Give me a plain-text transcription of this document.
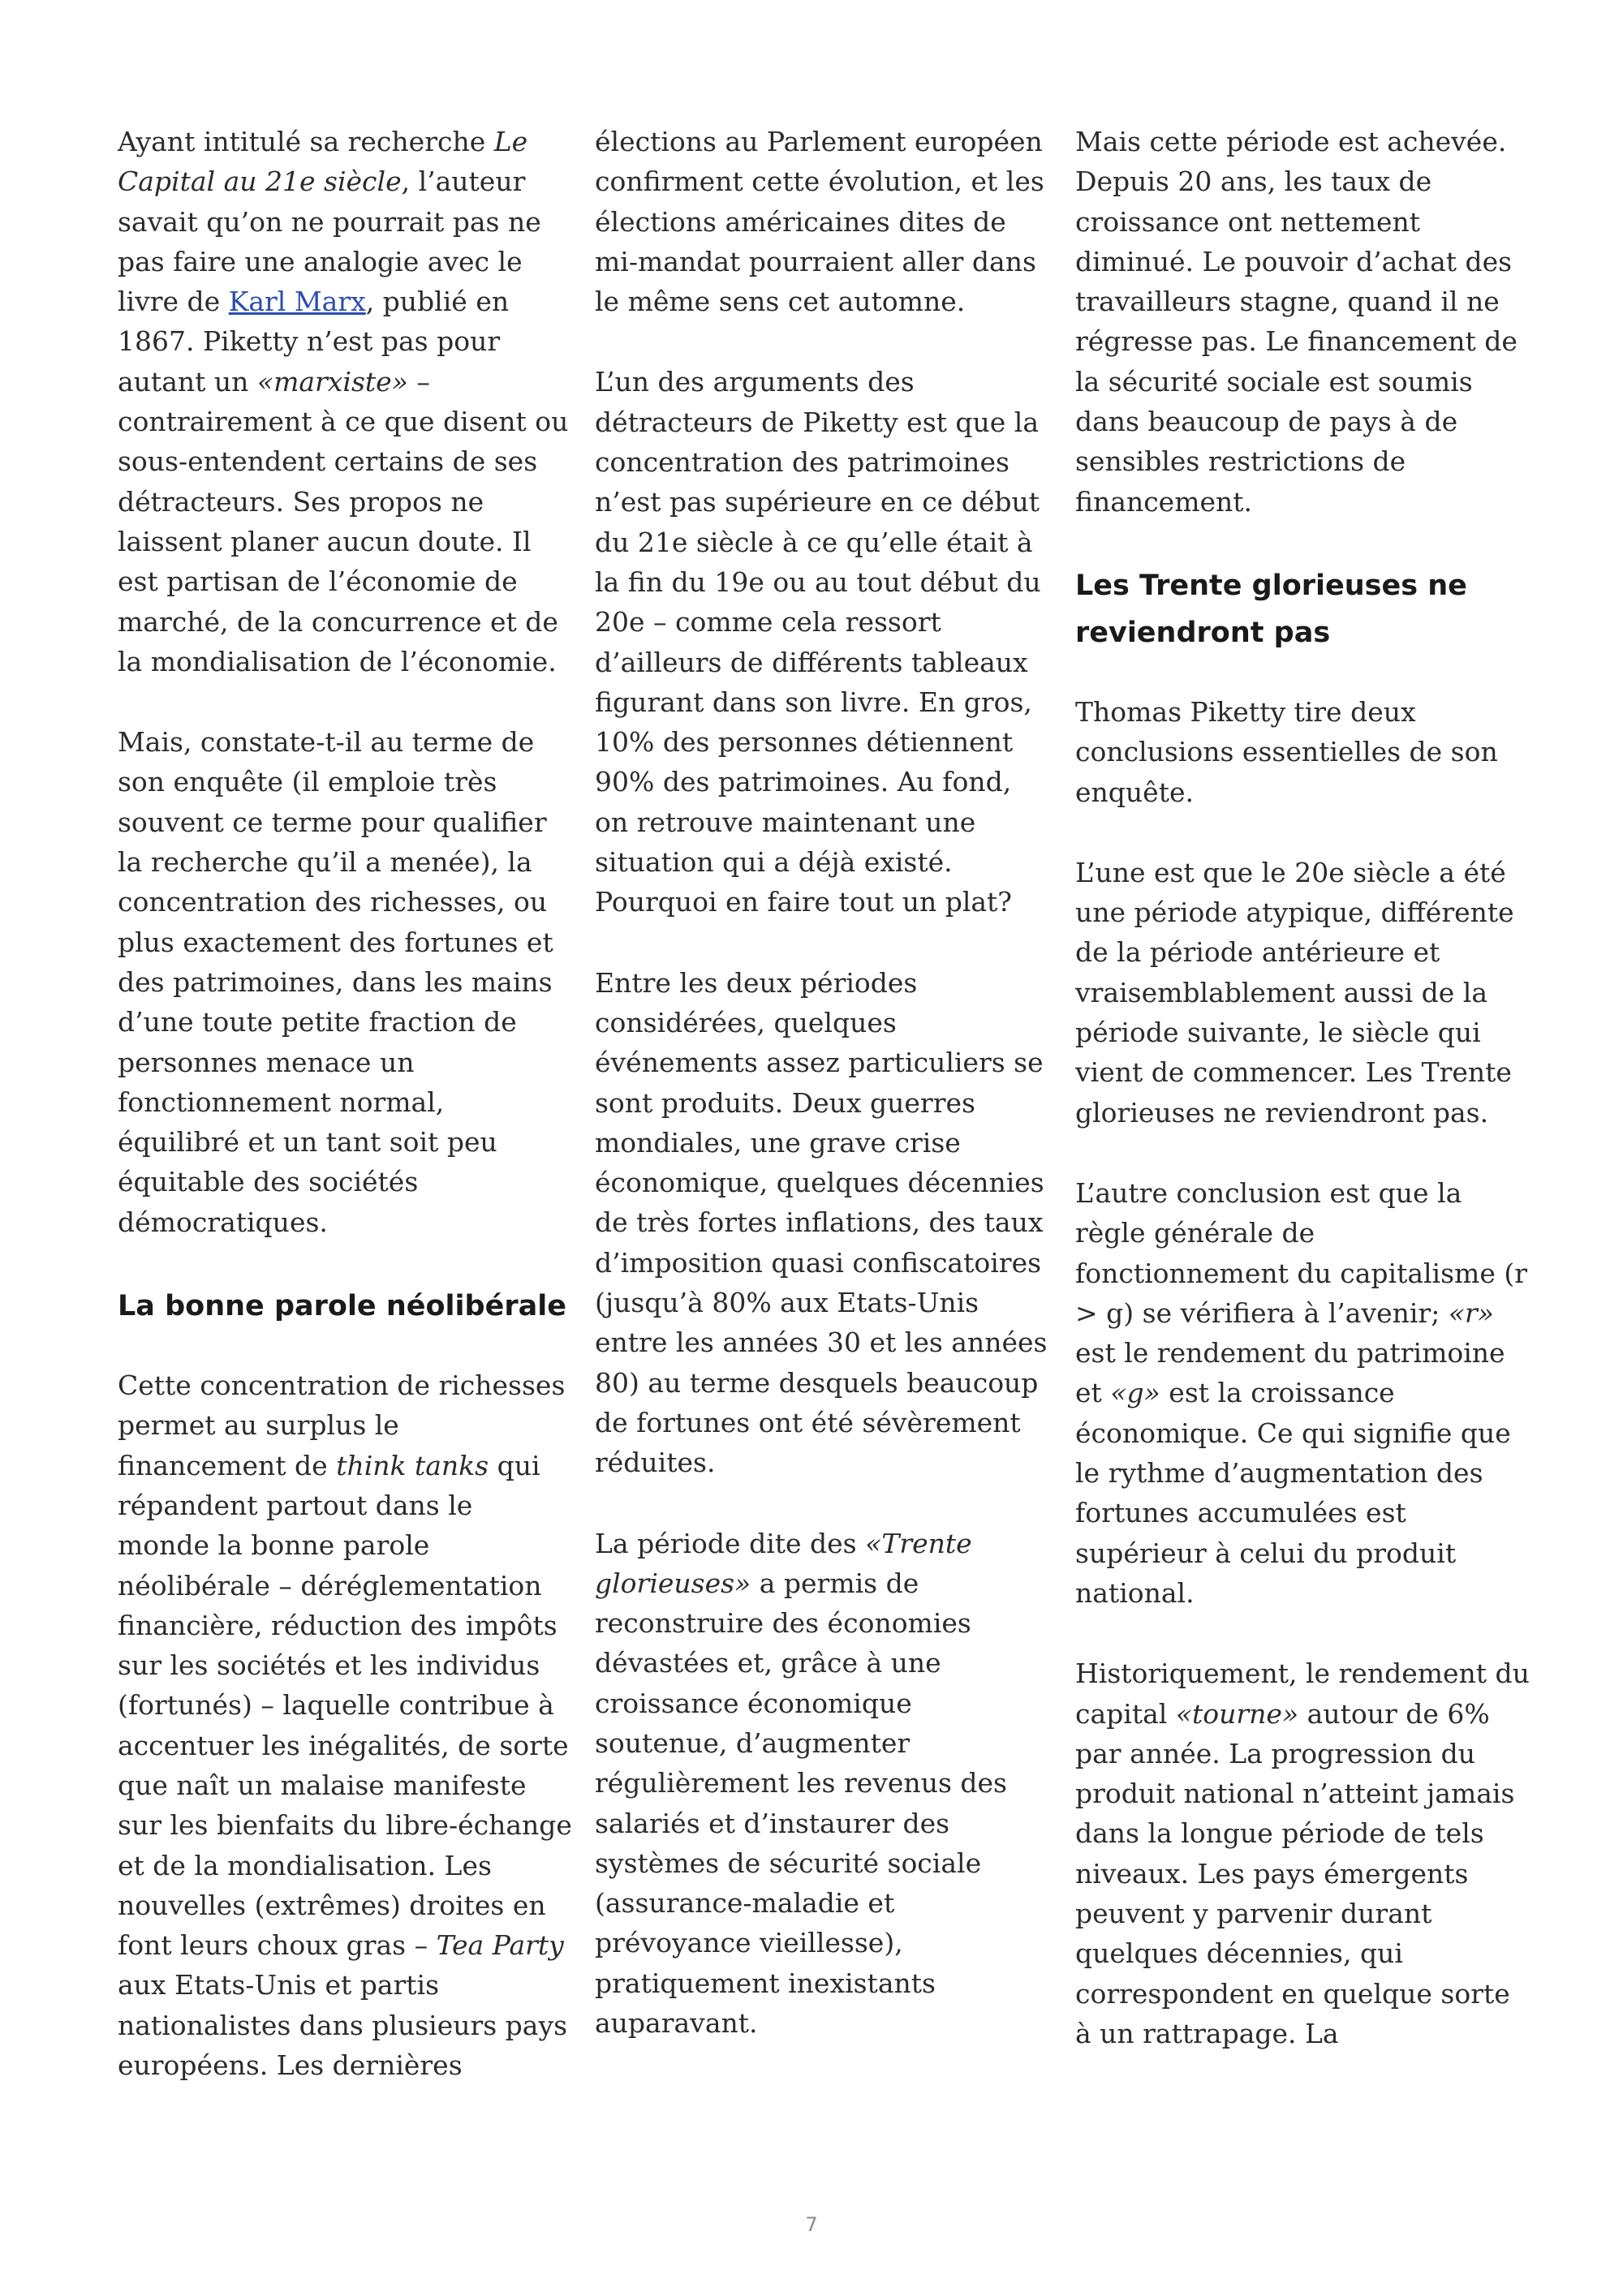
Ayant intitulé sa recherche Le Capital au 21e siècle, l’auteur savait qu’on ne pourrait pas ne pas faire une analogie avec le livre de Karl Marx, publié en 1867. Piketty n’est pas pour autant un «marxiste» – contrairement à ce que disent ou sous-entendent certains de ses détracteurs. Ses propos ne laissent planer aucun doute. Il est partisan de l’économie de marché, de la concurrence et de la mondialisation de l’économie.

Mais, constate-t-il au terme de son enquête (il emploie très souvent ce terme pour qualifier la recherche qu’il a menée), la concentration des richesses, ou plus exactement des fortunes et des patrimoines, dans les mains d’une toute petite fraction de personnes menace un fonctionnement normal, équilibré et un tant soit peu équitable des sociétés démocratiques.

La bonne parole néolibérale

Cette concentration de richesses permet au surplus le financement de think tanks qui répandent partout dans le monde la bonne parole néolibérale – déréglementation financière, réduction des impôts sur les sociétés et les individus (fortunés) – laquelle contribue à accentuer les inégalités, de sorte que naît un malaise manifeste sur les bienfaits du libre-échange et de la mondialisation. Les nouvelles (extrêmes) droites en font leurs choux gras – Tea Party aux Etats-Unis et partis nationalistes dans plusieurs pays européens. Les dernières

élections au Parlement européen confirment cette évolution, et les élections américaines dites de mi-mandat pourraient aller dans le même sens cet automne.

L’un des arguments des détracteurs de Piketty est que la concentration des patrimoines n’est pas supérieure en ce début du 21e siècle à ce qu’elle était à la fin du 19e ou au tout début du 20e – comme cela ressort d’ailleurs de différents tableaux figurant dans son livre. En gros, 10% des personnes détiennent 90% des patrimoines. Au fond, on retrouve maintenant une situation qui a déjà existé. Pourquoi en faire tout un plat?

Entre les deux périodes considérées, quelques événements assez particuliers se sont produits. Deux guerres mondiales, une grave crise économique, quelques décennies de très fortes inflations, des taux d’imposition quasi confiscatoires (jusqu’à 80% aux Etats-Unis entre les années 30 et les années 80) au terme desquels beaucoup de fortunes ont été sévèrement réduites.

La période dite des «Trente glorieuses» a permis de reconstruire des économies dévastées et, grâce à une croissance économique soutenue, d’augmenter régulièrement les revenus des salariés et d’instaurer des systèmes de sécurité sociale (assurance-maladie et prévoyance vieillesse), pratiquement inexistants auparavant.

Mais cette période est achevée. Depuis 20 ans, les taux de croissance ont nettement diminué. Le pouvoir d’achat des travailleurs stagne, quand il ne régresse pas. Le financement de la sécurité sociale est soumis dans beaucoup de pays à de sensibles restrictions de financement.

Les Trente glorieuses ne reviendront pas

Thomas Piketty tire deux conclusions essentielles de son enquête.

L’une est que le 20e siècle a été une période atypique, différente de la période antérieure et vraisemblablement aussi de la période suivante, le siècle qui vient de commencer. Les Trente glorieuses ne reviendront pas.

L’autre conclusion est que la règle générale de fonctionnement du capitalisme (r > g) se vérifiera à l’avenir; «r» est le rendement du patrimoine et «g» est la croissance économique. Ce qui signifie que le rythme d’augmentation des fortunes accumulées est supérieur à celui du produit national.

Historiquement, le rendement du capital «tourne» autour de 6% par année. La progression du produit national n’atteint jamais dans la longue période de tels niveaux. Les pays émergents peuvent y parvenir durant quelques décennies, qui correspondent en quelque sorte à un rattrapage. La

7
